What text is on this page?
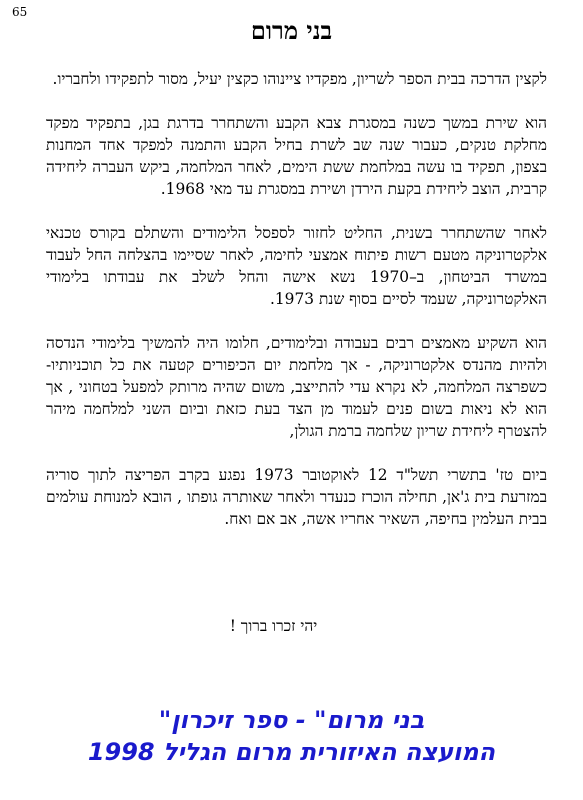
65
בני מרום

לקצין הדרכה בבית הספר לשריון, מפקדיו ציינוהו כקצין יעיל, מסור לתפקידו ולחבריו.

הוא שירת במשך כשנה במסגרת צבא הקבע והשתחרר בדרגת בגן, בתפקיד מפקד מחלקת טנקים, כעבור שנה שב לשרת בחיל הקבע והתמנה למפקד אחד המחנות בצפון, תפקיד בו עשה במלחמת ששת הימים, לאחר המלחמה, ביקש העברה ליחידה קרבית, הוצב ליחידת בקעת הירדן ושירת במסגרת עד מאי 1968.

לאחר שהשתחרר בשנית, החליט לחזור לספסל הלימודים והשתלם בקורס טכנאי אלקטרוניקה מטעם רשות פיתוח אמצעי לחימה, לאחר שסיימו בהצלחה החל לעבוד במשרד הביטחון, ב–1970 נשא אישה והחל לשלב את עבודתו בלימודי האלקטרוניקה, שעמד לסיים בסוף שנת 1973.

הוא השקיע מאמצים רבים בעבודה ובלימודים, חלומו היה להמשיך בלימודי הנדסה ולהיות מהנדס אלקטרוניקה, - אך מלחמת יום הכיפורים קטעה את כל תוכניותיו- כשפרצה המלחמה, לא נקרא עדי להתייצב, משום שהיה מרותק למפעל בטחוני , אך הוא לא ניאות בשום פנים לעמוד מן הצד בעת כזאת וביום השני למלחמה מיהר להצטרף ליחידת שריון שלחמה ברמת הגולן,

ביום טז' בתשרי תשל"ד 12 לאוקטובר 1973 נפגע בקרב הפריצה לתוך סוריה במזרעת בית ג'אן, תחילה הוכרז כנעדר ולאחר שאותרה גופתו , הובא למנוחת עולמים בבית העלמין בחיפה, השאיר אחריו אשה, אב אם ואח.

יהי זכרו ברוך !
בני מרום" - ספר זיכרון"
המועצה האיזורית מרום הגליל 1998
